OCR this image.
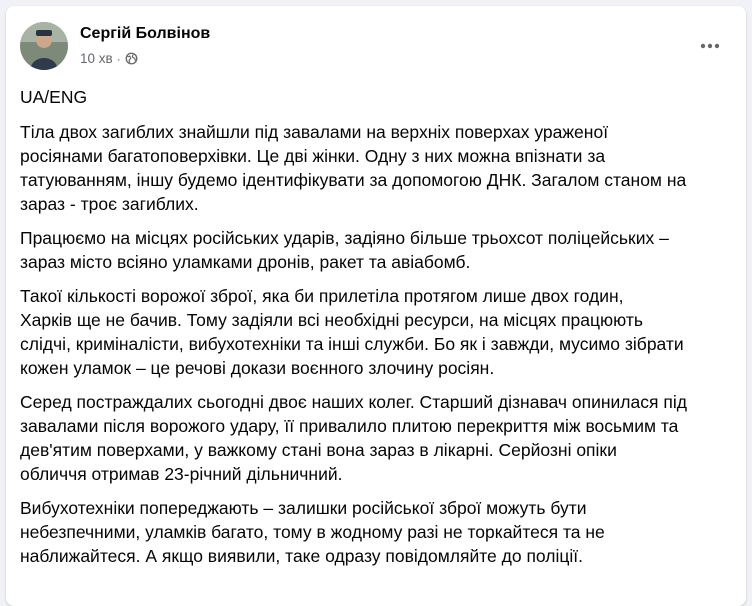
Сергій Болвінов
10 хв ·

UA/ENG

Тіла двох загиблих знайшли під завалами на верхніх поверхах ураженої
росіянами багатоповерхівки. Це дві жінки. Одну з них можна впізнати за
татуюванням, іншу будемо ідентифікувати за допомогою ДНК. Загалом станом на
зараз - троє загиблих.

Працюємо на місцях російських ударів, задіяно більше трьохсот поліцейських –
зараз місто всіяно уламками дронів, ракет та авіабомб.

Такої кількості ворожої зброї, яка би прилетіла протягом лише двох годин,
Харків ще не бачив. Тому задіяли всі необхідні ресурси, на місцях працюють
слідчі, криміналісти, вибухотехніки та інші служби. Бо як і завжди, мусимо зібрати
кожен уламок – це речові докази воєнного злочину росіян.

Серед постраждалих сьогодні двоє наших колег. Старший дізнавач опинилася під
завалами після ворожого удару, її привалило плитою перекриття між восьмим та
дев'ятим поверхами, у важкому стані вона зараз в лікарні. Серйозні опіки
обличчя отримав 23-річний дільничний.

Вибухотехніки попереджають – залишки російської зброї можуть бути
небезпечними, уламків багато, тому в жодному разі не торкайтеся та не
наближайтеся. А якщо виявили, таке одразу повідомляйте до поліції.
